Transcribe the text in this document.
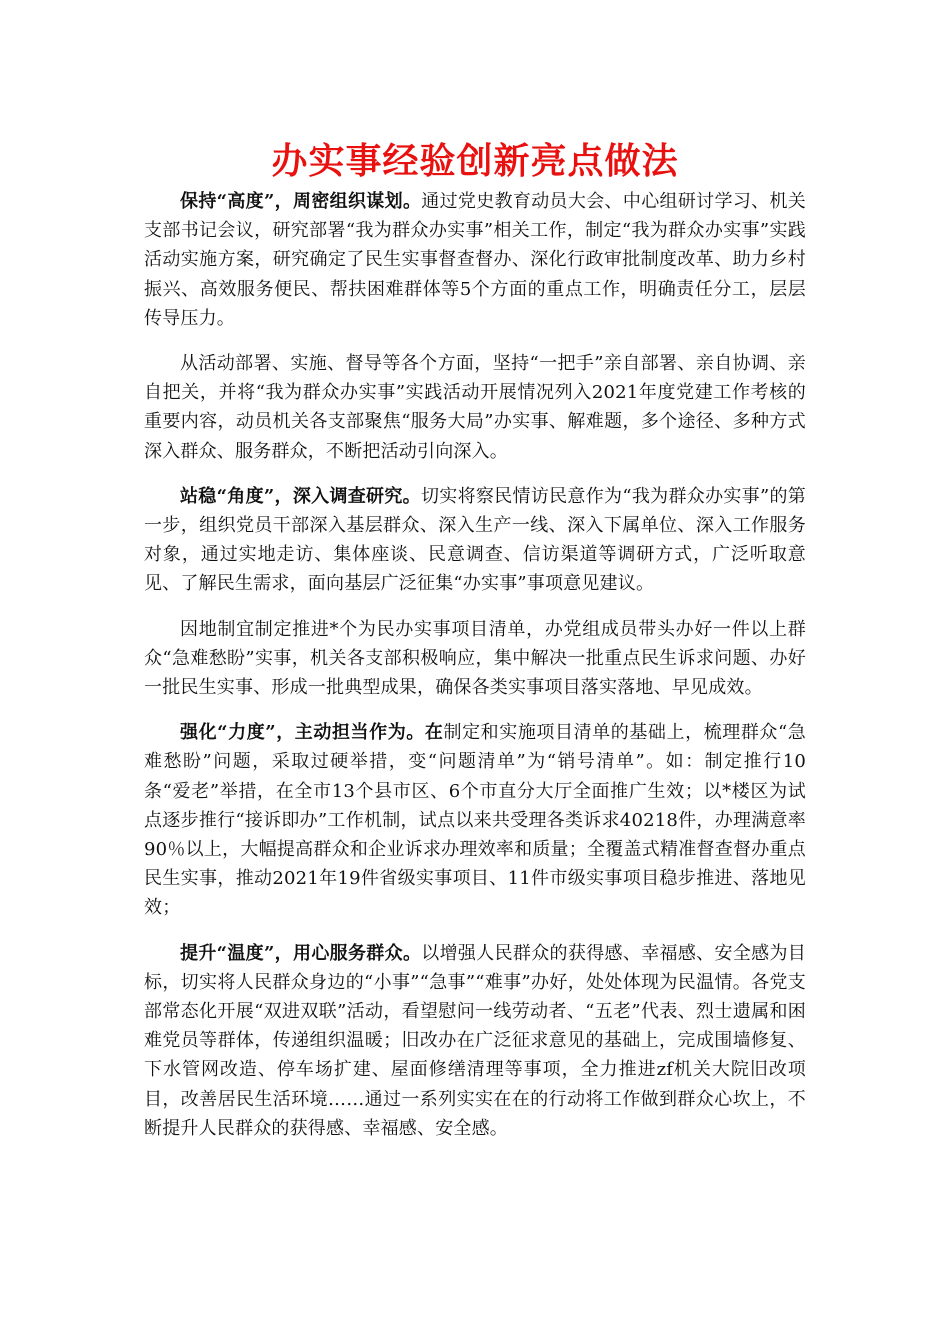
办实事经验创新亮点做法

保持“高度”，周密组织谋划。通过党史教育动员大会、中心组研讨学习、机关支部书记会议，研究部署“我为群众办实事”相关工作，制定“我为群众办实事”实践活动实施方案，研究确定了民生实事督查督办、深化行政审批制度改革、助力乡村振兴、高效服务便民、帮扶困难群体等5个方面的重点工作，明确责任分工，层层传导压力。

从活动部署、实施、督导等各个方面，坚持“一把手”亲自部署、亲自协调、亲自把关，并将“我为群众办实事”实践活动开展情况列入2021年度党建工作考核的重要内容，动员机关各支部聚焦“服务大局”办实事、解难题，多个途径、多种方式深入群众、服务群众，不断把活动引向深入。

站稳“角度”，深入调查研究。切实将察民情访民意作为“我为群众办实事”的第一步，组织党员干部深入基层群众、深入生产一线、深入下属单位、深入工作服务对象，通过实地走访、集体座谈、民意调查、信访渠道等调研方式，广泛听取意见、了解民生需求，面向基层广泛征集“办实事”事项意见建议。

因地制宜制定推进*个为民办实事项目清单，办党组成员带头办好一件以上群众“急难愁盼”实事，机关各支部积极响应，集中解决一批重点民生诉求问题、办好一批民生实事、形成一批典型成果，确保各类实事项目落实落地、早见成效。

强化“力度”，主动担当作为。在制定和实施项目清单的基础上，梳理群众“急难愁盼”问题，采取过硬举措，变“问题清单”为“销号清单”。如：制定推行10条“爱老”举措，在全市13个县市区、6个市直分大厅全面推广生效；以*楼区为试点逐步推行“接诉即办”工作机制，试点以来共受理各类诉求40218件，办理满意率90％以上，大幅提高群众和企业诉求办理效率和质量；全覆盖式精准督查督办重点民生实事，推动2021年19件省级实事项目、11件市级实事项目稳步推进、落地见效；

提升“温度”，用心服务群众。以增强人民群众的获得感、幸福感、安全感为目标，切实将人民群众身边的“小事”“急事”“难事”办好，处处体现为民温情。各党支部常态化开展“双进双联”活动，看望慰问一线劳动者、“五老”代表、烈士遗属和困难党员等群体，传递组织温暖；旧改办在广泛征求意见的基础上，完成围墙修复、下水管网改造、停车场扩建、屋面修缮清理等事项，全力推进zf机关大院旧改项目，改善居民生活环境……通过一系列实实在在的行动将工作做到群众心坎上，不断提升人民群众的获得感、幸福感、安全感。
